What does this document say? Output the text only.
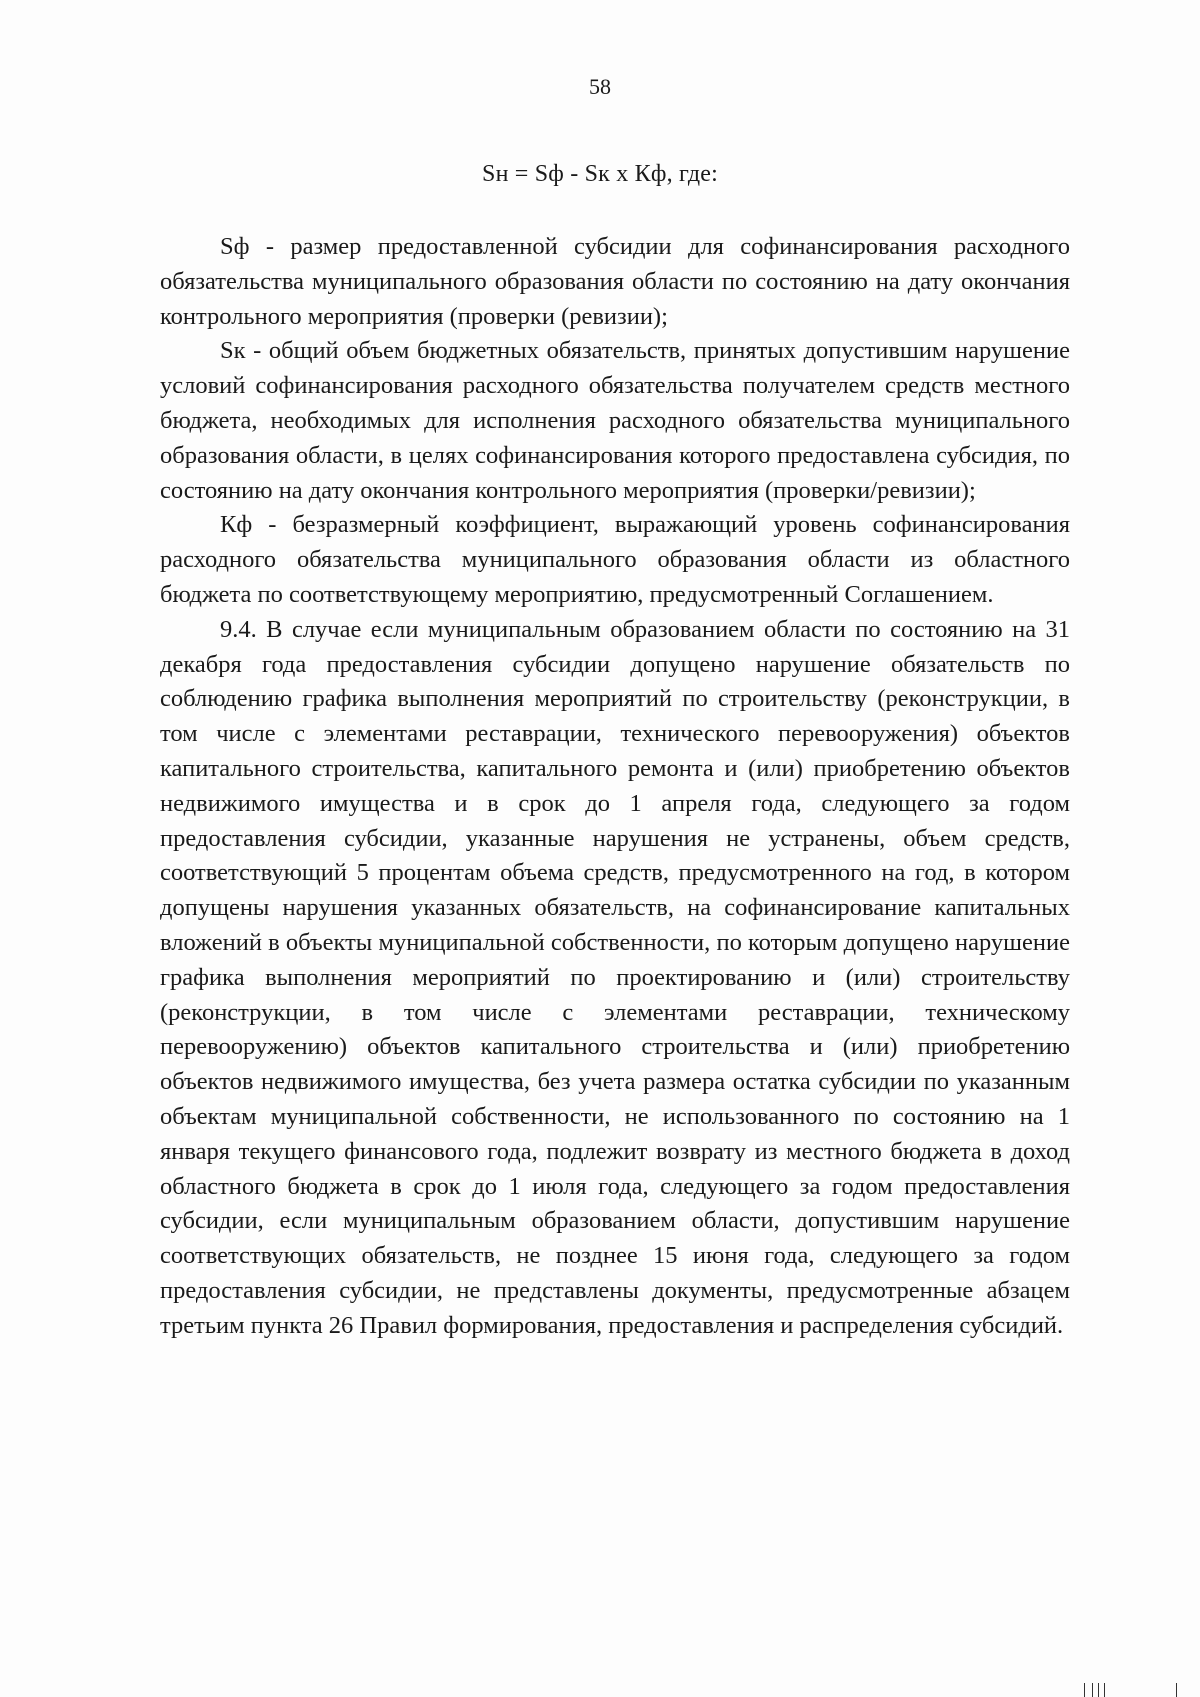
58
Sн = Sф - Sк х Кф, где:

Sф - размер предоставленной субсидии для софинансирования расходного обязательства муниципального образования области по состоянию на дату окончания контрольного мероприятия (проверки (ревизии);

Sк - общий объем бюджетных обязательств, принятых допустившим нарушение условий софинансирования расходного обязательства получателем средств местного бюджета, необходимых для исполнения расходного обязательства муниципального образования области, в целях софинансирования которого предоставлена субсидия, по состоянию на дату окончания контрольного мероприятия (проверки/ревизии);

Кф - безразмерный коэффициент, выражающий уровень софинансирования расходного обязательства муниципального образования области из областного бюджета по соответствующему мероприятию, предусмотренный Соглашением.

9.4. В случае если муниципальным образованием области по состоянию на 31 декабря года предоставления субсидии допущено нарушение обязательств по соблюдению графика выполнения мероприятий по строительству (реконструкции, в том числе с элементами реставрации, технического перевооружения) объектов капитального строительства, капитального ремонта и (или) приобретению объектов недвижимого имущества и в срок до 1 апреля года, следующего за годом предоставления субсидии, указанные нарушения не устранены, объем средств, соответствующий 5 процентам объема средств, предусмотренного на год, в котором допущены нарушения указанных обязательств, на софинансирование капитальных вложений в объекты муниципальной собственности, по которым допущено нарушение графика выполнения мероприятий по проектированию и (или) строительству (реконструкции, в том числе с элементами реставрации, техническому перевооружению) объектов капитального строительства и (или) приобретению объектов недвижимого имущества, без учета размера остатка субсидии по указанным объектам муниципальной собственности, не использованного по состоянию на 1 января текущего финансового года, подлежит возврату из местного бюджета в доход областного бюджета в срок до 1 июля года, следующего за годом предоставления субсидии, если муниципальным образованием области, допустившим нарушение соответствующих обязательств, не позднее 15 июня года, следующего за годом предоставления субсидии, не представлены документы, предусмотренные абзацем третьим пункта 26 Правил формирования, предоставления и распределения субсидий.
